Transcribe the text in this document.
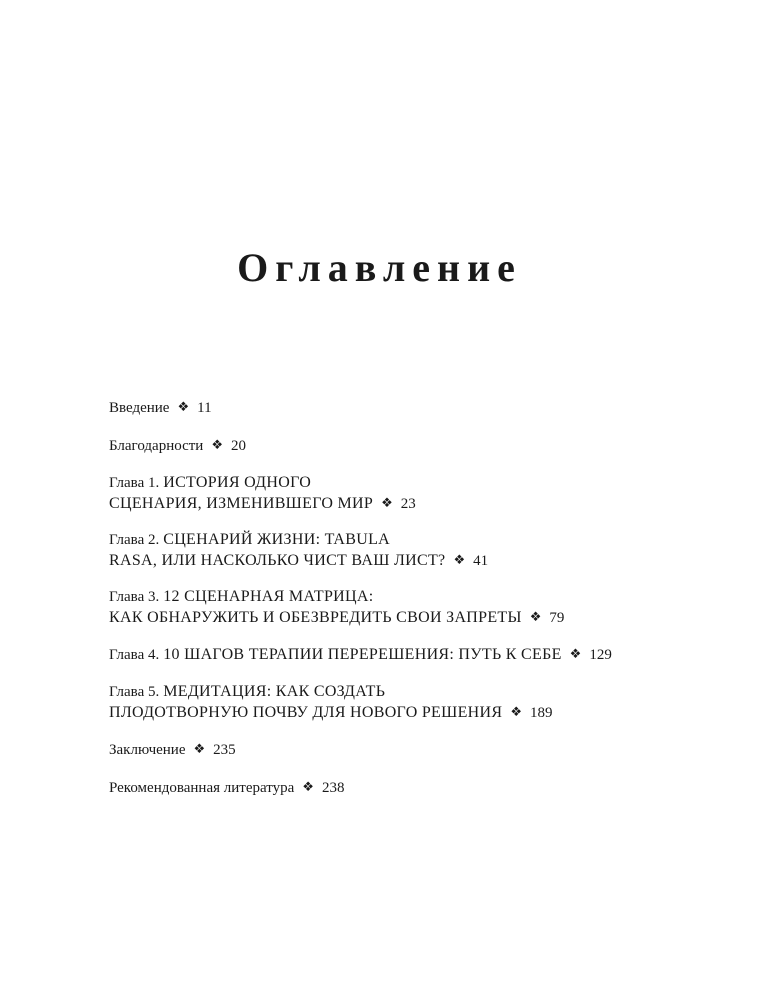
Оглавление
Введение ❖ 11
Благодарности ❖ 20
Глава 1. ИСТОРИЯ ОДНОГО
СЦЕНАРИЯ, ИЗМЕНИВШЕГО МИР ❖ 23
Глава 2. СЦЕНАРИЙ ЖИЗНИ: TABULA
RASA, ИЛИ НАСКОЛЬКО ЧИСТ ВАШ ЛИСТ? ❖ 41
Глава 3. 12 СЦЕНАРНАЯ МАТРИЦА:
КАК ОБНАРУЖИТЬ И ОБЕЗВРЕДИТЬ СВОИ ЗАПРЕТЫ ❖ 79
Глава 4. 10 ШАГОВ ТЕРАПИИ ПЕРЕРЕШЕНИЯ: ПУТЬ К СЕБЕ ❖ 129
Глава 5. МЕДИТАЦИЯ: КАК СОЗДАТЬ
ПЛОДОТВОРНУЮ ПОЧВУ ДЛЯ НОВОГО РЕШЕНИЯ ❖ 189
Заключение ❖ 235
Рекомендованная литература ❖ 238
